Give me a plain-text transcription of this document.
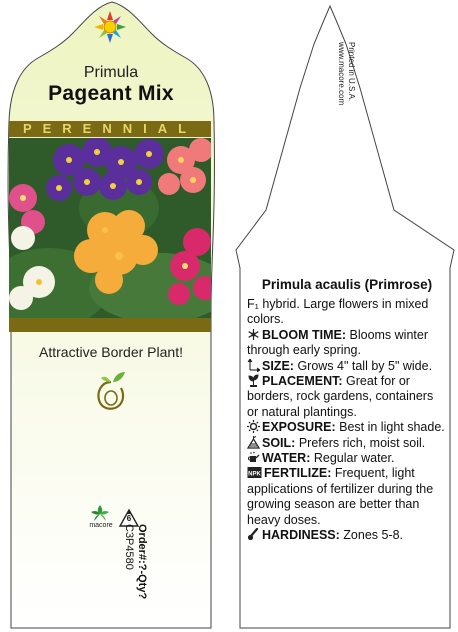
Primula
Pageant Mix
PERENNIAL
Attractive Border Plant!
macore
6
Order#:?-Qty?
C3P4580
Printed in U.S.A.
www.macore.com
Primula acaulis (Primrose)

F₁ hybrid. Large flowers in mixed colors.

BLOOM TIME: Blooms winter through early spring.

SIZE: Grows 4" tall by 5" wide.

PLACEMENT: Great for or borders, rock gardens, containers or natural plantings.

EXPOSURE: Best in light shade.

SOIL: Prefers rich, moist soil.

WATER: Regular water.

NPK FERTILIZE: Frequent, light applications of fertilizer during the growing season are better than heavy doses.

HARDINESS: Zones 5-8.
